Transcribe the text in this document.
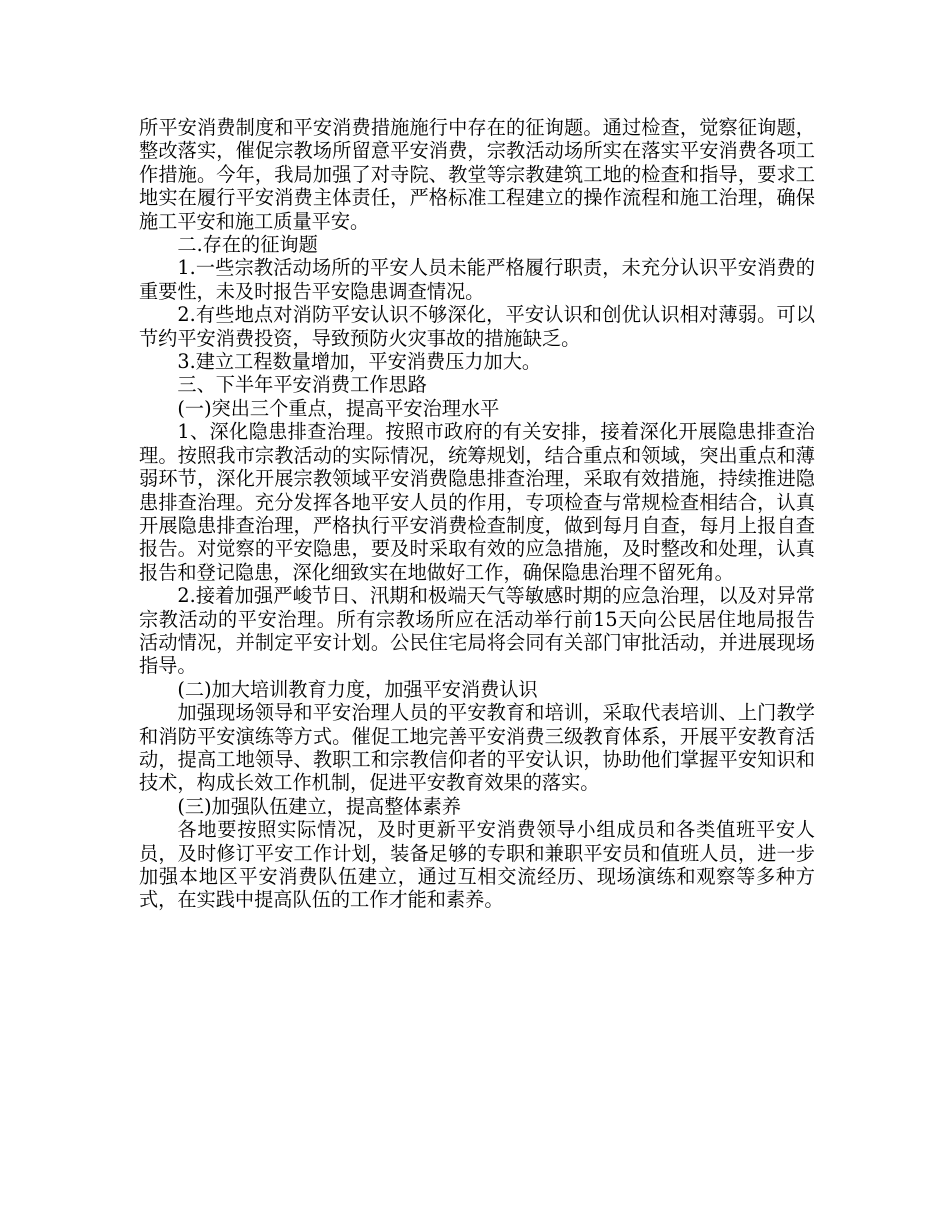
所平安消费制度和平安消费措施施行中存在的征询题。通过检查，觉察征询题，整改落实，催促宗教场所留意平安消费，宗教活动场所实在落实平安消费各项工作措施。今年，我局加强了对寺院、教堂等宗教建筑工地的检查和指导，要求工地实在履行平安消费主体责任，严格标准工程建立的操作流程和施工治理，确保施工平安和施工质量平安。

二.存在的征询题

1.一些宗教活动场所的平安人员未能严格履行职责，未充分认识平安消费的重要性，未及时报告平安隐患调查情况。

2.有些地点对消防平安认识不够深化，平安认识和创优认识相对薄弱。可以节约平安消费投资，导致预防火灾事故的措施缺乏。

3.建立工程数量增加，平安消费压力加大。

三、下半年平安消费工作思路

(一)突出三个重点，提高平安治理水平

1、深化隐患排查治理。按照市政府的有关安排，接着深化开展隐患排查治理。按照我市宗教活动的实际情况，统筹规划，结合重点和领域，突出重点和薄弱环节，深化开展宗教领域平安消费隐患排查治理，采取有效措施，持续推进隐患排查治理。充分发挥各地平安人员的作用，专项检查与常规检查相结合，认真开展隐患排查治理，严格执行平安消费检查制度，做到每月自查，每月上报自查报告。对觉察的平安隐患，要及时采取有效的应急措施，及时整改和处理，认真报告和登记隐患，深化细致实在地做好工作，确保隐患治理不留死角。

2.接着加强严峻节日、汛期和极端天气等敏感时期的应急治理，以及对异常宗教活动的平安治理。所有宗教场所应在活动举行前15天向公民居住地局报告活动情况，并制定平安计划。公民住宅局将会同有关部门审批活动，并进展现场指导。

(二)加大培训教育力度，加强平安消费认识

加强现场领导和平安治理人员的平安教育和培训，采取代表培训、上门教学和消防平安演练等方式。催促工地完善平安消费三级教育体系，开展平安教育活动，提高工地领导、教职工和宗教信仰者的平安认识，协助他们掌握平安知识和技术，构成长效工作机制，促进平安教育效果的落实。

(三)加强队伍建立，提高整体素养

各地要按照实际情况，及时更新平安消费领导小组成员和各类值班平安人员，及时修订平安工作计划，装备足够的专职和兼职平安员和值班人员，进一步加强本地区平安消费队伍建立，通过互相交流经历、现场演练和观察等多种方式，在实践中提高队伍的工作才能和素养。
